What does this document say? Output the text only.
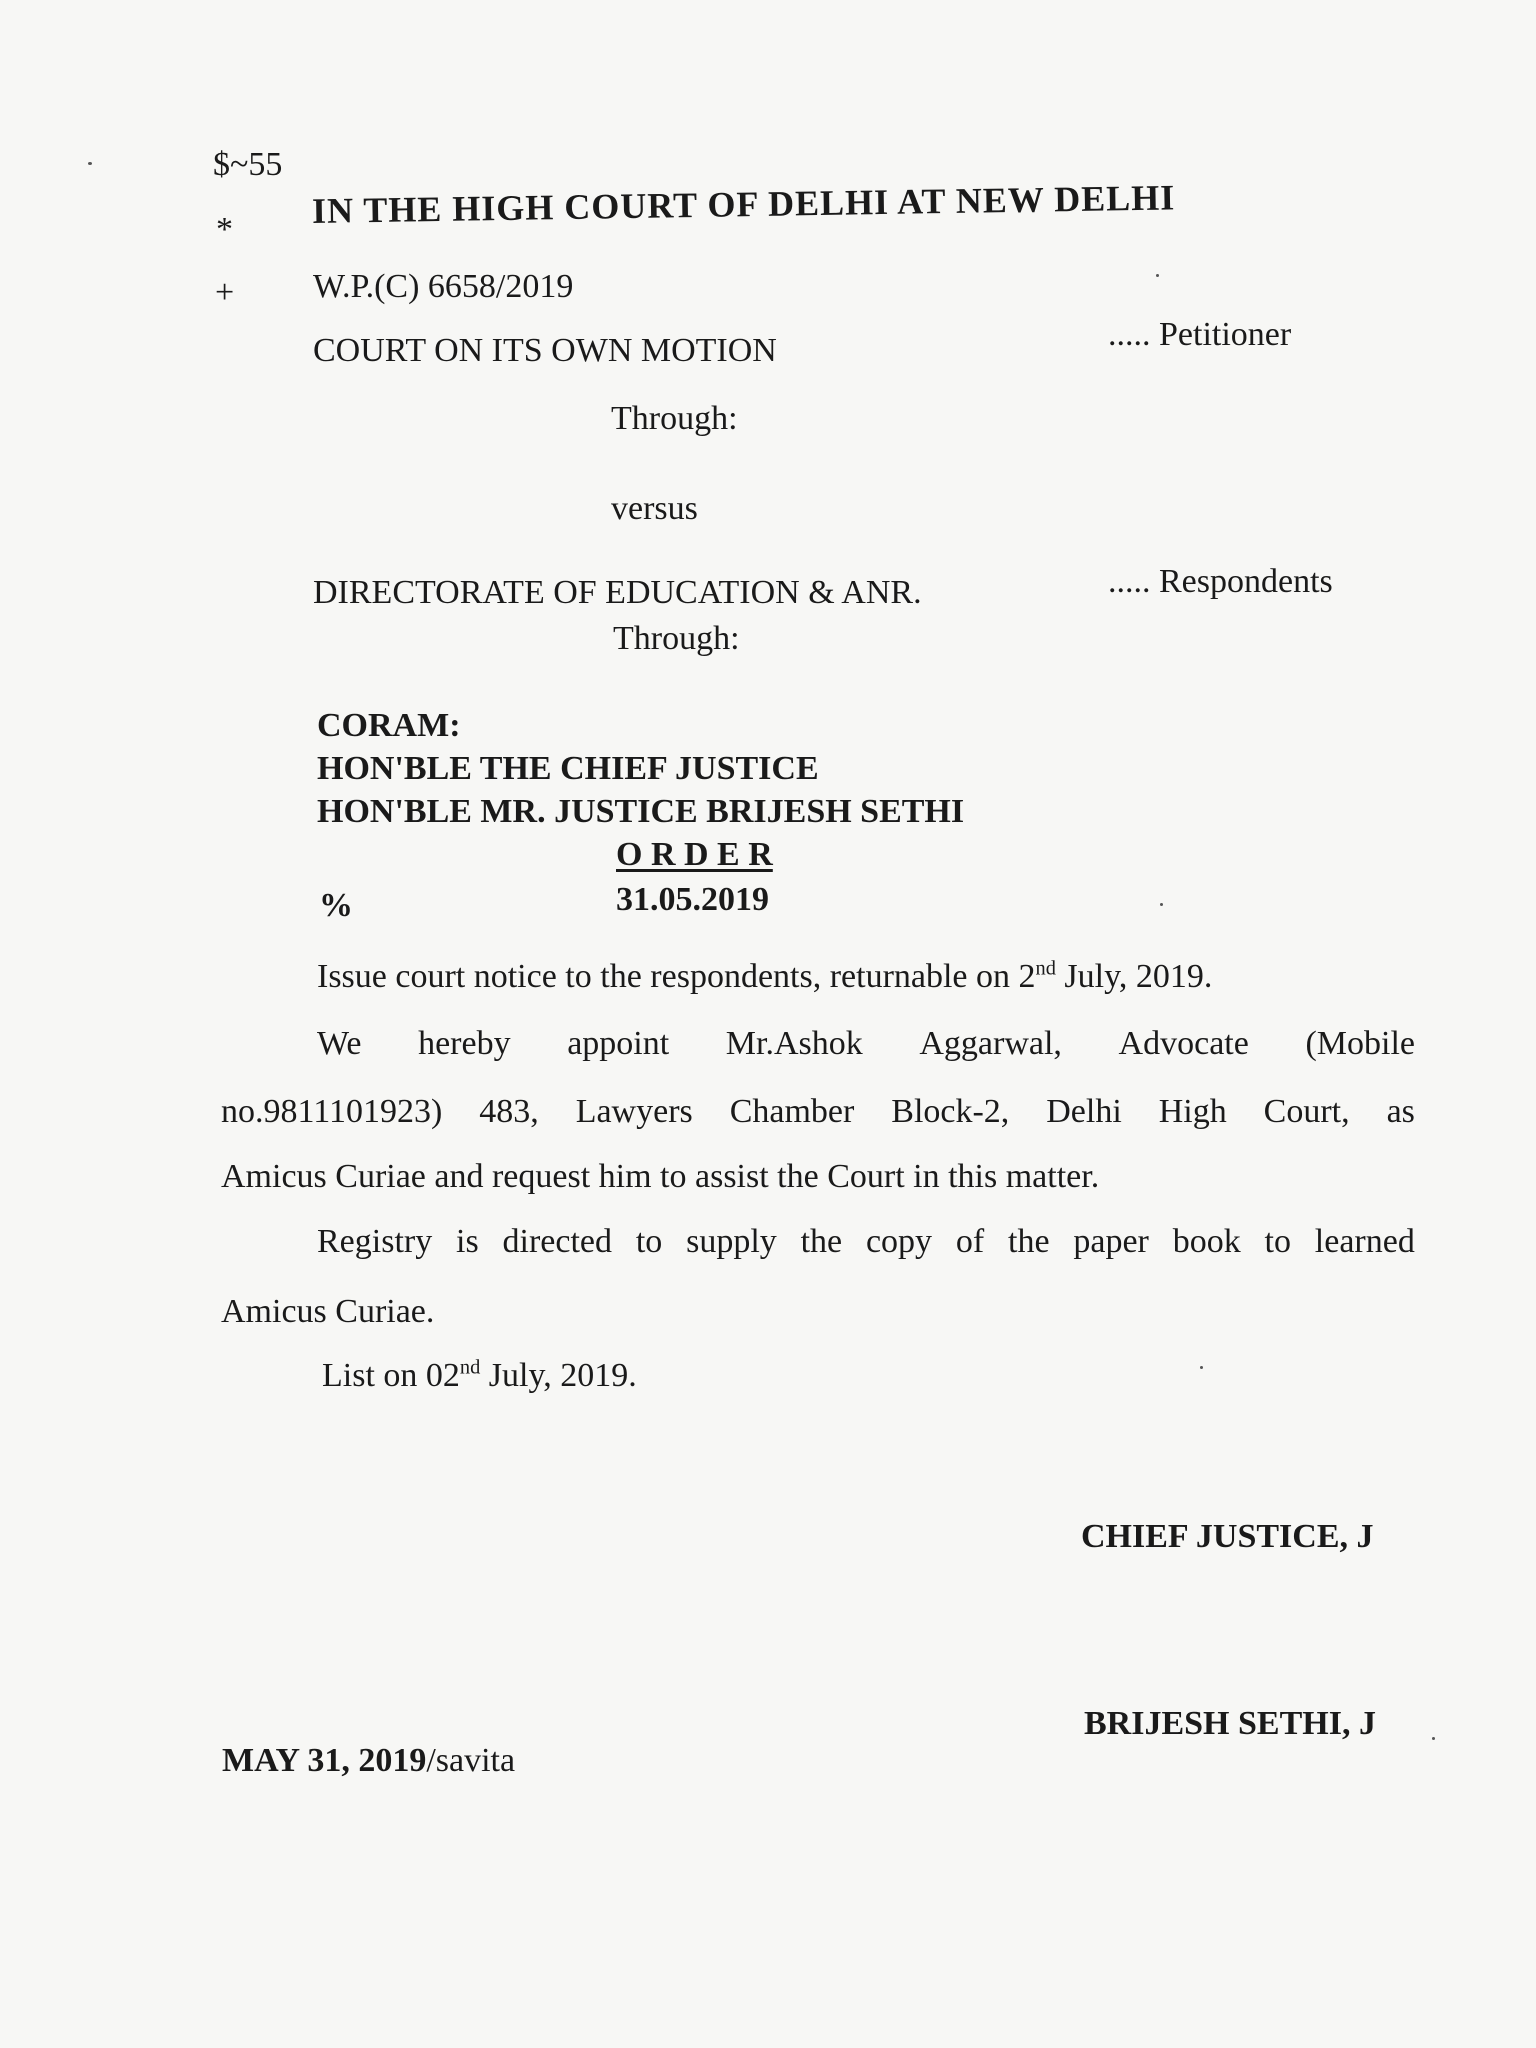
$~55
* IN THE HIGH COURT OF DELHI AT NEW DELHI
+ W.P.(C) 6658/2019
COURT ON ITS OWN MOTION	..... Petitioner
Through:
versus
DIRECTORATE OF EDUCATION & ANR.	..... Respondents
Through:
CORAM:
HON'BLE THE CHIEF JUSTICE
HON'BLE MR. JUSTICE BRIJESH SETHI
O R D E R
%	31.05.2019
Issue court notice to the respondents, returnable on 2nd July, 2019.
We hereby appoint Mr.Ashok Aggarwal, Advocate (Mobile
no.9811101923) 483, Lawyers Chamber Block-2, Delhi High Court, as
Amicus Curiae and request him to assist the Court in this matter.
Registry is directed to supply the copy of the paper book to learned
Amicus Curiae.
List on 02nd July, 2019.
CHIEF JUSTICE, J
BRIJESH SETHI, J
MAY 31, 2019/savita
